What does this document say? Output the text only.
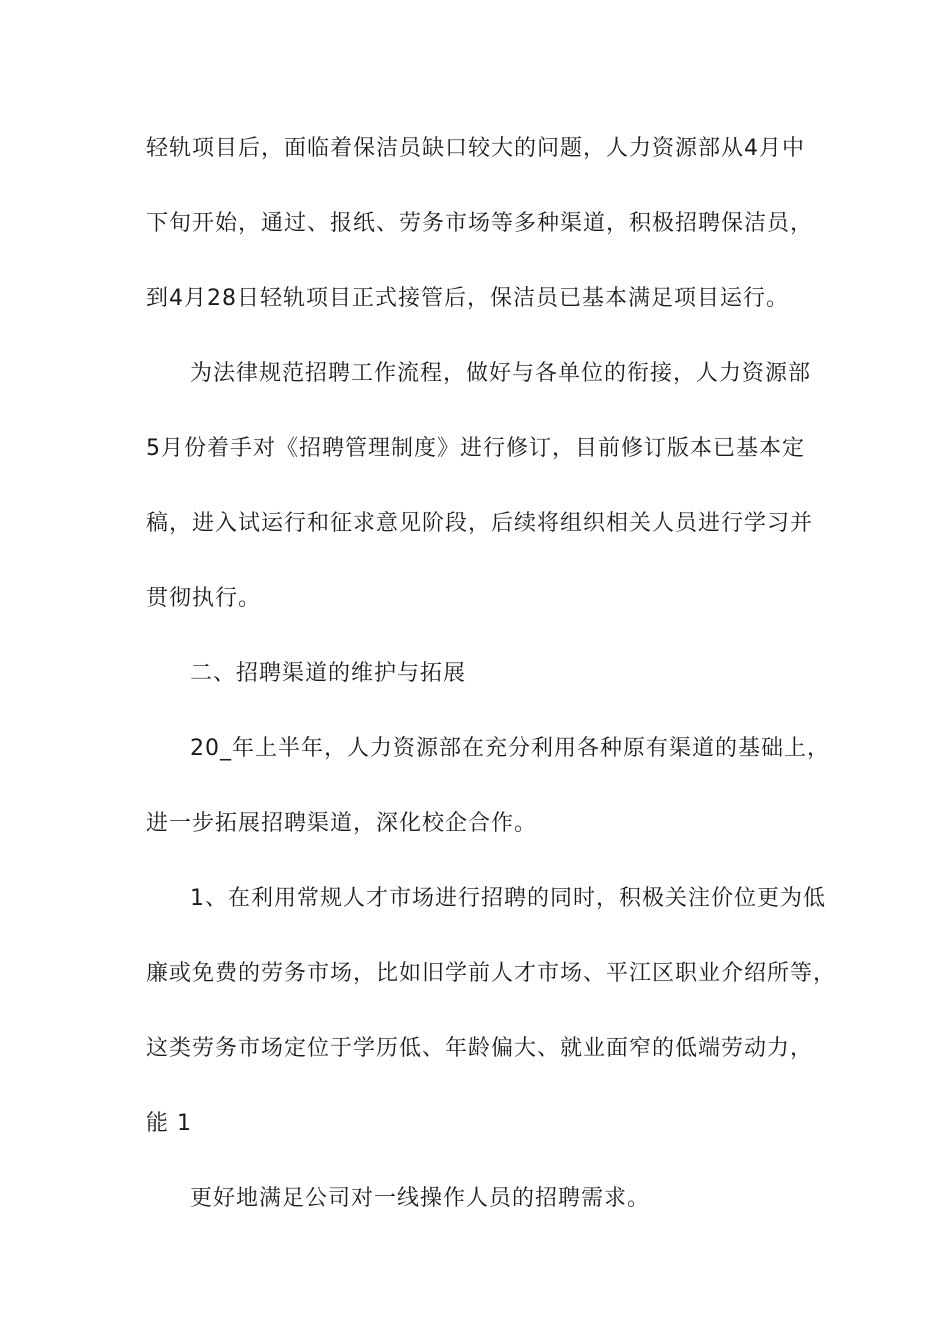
轻轨项目后，面临着保洁员缺口较大的问题，人力资源部从4月中
下旬开始，通过、报纸、劳务市场等多种渠道，积极招聘保洁员，
到4月28日轻轨项目正式接管后，保洁员已基本满足项目运行。
为法律规范招聘工作流程，做好与各单位的衔接，人力资源部
5月份着手对《招聘管理制度》进行修订，目前修订版本已基本定
稿，进入试运行和征求意见阶段，后续将组织相关人员进行学习并
贯彻执行。
二、招聘渠道的维护与拓展
20_年上半年，人力资源部在充分利用各种原有渠道的基础上，
进一步拓展招聘渠道，深化校企合作。
1、在利用常规人才市场进行招聘的同时，积极关注价位更为低
廉或免费的劳务市场，比如旧学前人才市场、平江区职业介绍所等，
这类劳务市场定位于学历低、年龄偏大、就业面窄的低端劳动力，
能 1
更好地满足公司对一线操作人员的招聘需求。
